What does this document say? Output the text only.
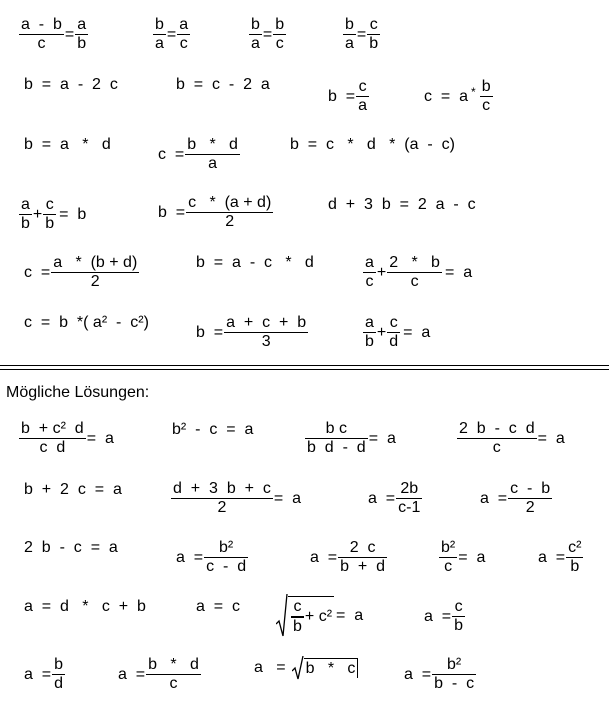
$\frac{a - b}{c} = \frac{a}{b}$	$\frac{b}{a} = \frac{a}{c}$	$\frac{b}{a} = \frac{b}{c}$	$\frac{b}{a} = \frac{c}{b}$
b  =  a  -  2  c	b  =  c  -  2  a
$b = \frac{c}{a}$	$c = a * \frac{b}{c}$
b  =  a   *   d
$c = \frac{b * d}{a}$	b  =  c   *   d   *  (a  -  c)
$\frac{a}{b} + \frac{c}{b} = b$	$b = \frac{c * (a + d)}{2}$	d  +  3  b  =  2  a  -  c
$c = \frac{a * (b + d)}{2}$	b  =  a  -  c   *   d	$\frac{a}{c} + \frac{2 * b}{c} = a$
c  =  b  *( a²  -  c²)
$b = \frac{a + c + b}{3}$	$\frac{a}{b} + \frac{c}{d} = a$
Mögliche Lösungen:
$\frac{\text{b  + c²  d}}{\text{c  d}} = a$
b²  -  c  =  a	$\frac{\text{b c}}{\text{b  d  -  d}} = a$	$\frac{\text{2  b  -  c  d}}{c} = a$
b  +  2  c  =  a	$\frac{d + 3 b + c}{2} = a$	$a = \frac{2b}{c-1}$	$a = \frac{c - b}{2}$
2  b  -  c  =  a
$a = \frac{\text{b²}}{c - d}$	$a = \frac{2 c}{b + d}$	$\frac{\text{b²}}{c} = a$	$a = \frac{\text{c²}}{b}$
a  =  d   *   c  +  b	a  =  c	$\frac{c}{b} + c^2 = a$	$a = \frac{c}{b}$
$a = \frac{b}{d}$	$a = \frac{b * d}{c}$	a   = b   *   c	$a = \frac{\text{b²}}{b - c}$
